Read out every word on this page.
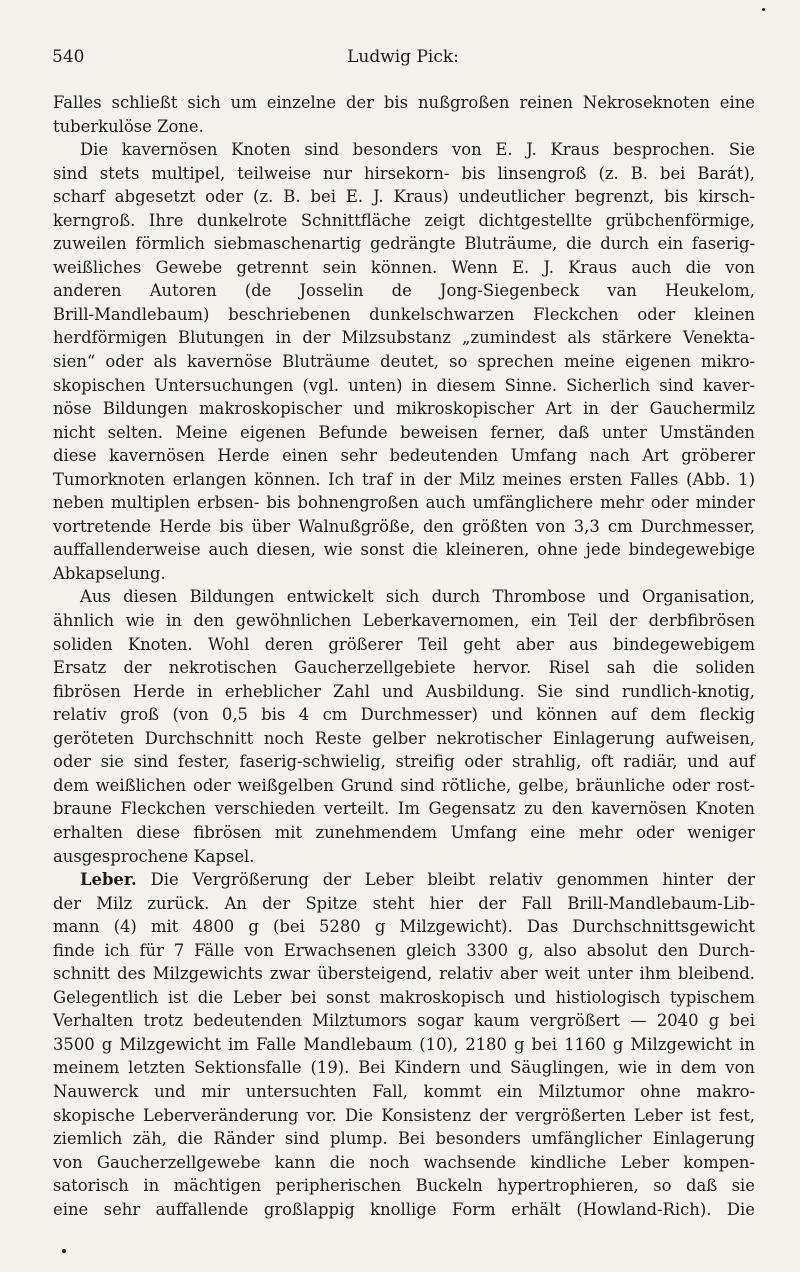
540	Ludwig Pick:
Falles schließt sich um einzelne der bis nußgroßen reinen Nekroseknoten eine
tuberkulöse Zone.
Die kavernösen Knoten sind besonders von E. J. Kraus besprochen. Sie
sind stets multipel, teilweise nur hirsekorn- bis linsengroß (z. B. bei Barát),
scharf abgesetzt oder (z. B. bei E. J. Kraus) undeutlicher begrenzt, bis kirsch-
kerngroß. Ihre dunkelrote Schnittfläche zeigt dichtgestellte grübchenförmige,
zuweilen förmlich siebmaschenartig gedrängte Bluträume, die durch ein faserig-
weißliches Gewebe getrennt sein können. Wenn E. J. Kraus auch die von
anderen Autoren (de Josselin de Jong-Siegenbeck van Heukelom,
Brill-Mandlebaum) beschriebenen dunkelschwarzen Fleckchen oder kleinen
herdförmigen Blutungen in der Milzsubstanz „zumindest als stärkere Venekta-
sien“ oder als kavernöse Bluträume deutet, so sprechen meine eigenen mikro-
skopischen Untersuchungen (vgl. unten) in diesem Sinne. Sicherlich sind kaver-
nöse Bildungen makroskopischer und mikroskopischer Art in der Gauchermilz
nicht selten. Meine eigenen Befunde beweisen ferner, daß unter Umständen
diese kavernösen Herde einen sehr bedeutenden Umfang nach Art gröberer
Tumorknoten erlangen können. Ich traf in der Milz meines ersten Falles (Abb. 1)
neben multiplen erbsen- bis bohnengroßen auch umfänglichere mehr oder minder
vortretende Herde bis über Walnußgröße, den größten von 3,3 cm Durchmesser,
auffallenderweise auch diesen, wie sonst die kleineren, ohne jede bindegewebige
Abkapselung.
Aus diesen Bildungen entwickelt sich durch Thrombose und Organisation,
ähnlich wie in den gewöhnlichen Leberkavernomen, ein Teil der derbfibrösen
soliden Knoten. Wohl deren größerer Teil geht aber aus bindegewebigem
Ersatz der nekrotischen Gaucherzellgebiete hervor. Risel sah die soliden
fibrösen Herde in erheblicher Zahl und Ausbildung. Sie sind rundlich-knotig,
relativ groß (von 0,5 bis 4 cm Durchmesser) und können auf dem fleckig
geröteten Durchschnitt noch Reste gelber nekrotischer Einlagerung aufweisen,
oder sie sind fester, faserig-schwielig, streifig oder strahlig, oft radiär, und auf
dem weißlichen oder weißgelben Grund sind rötliche, gelbe, bräunliche oder rost-
braune Fleckchen verschieden verteilt. Im Gegensatz zu den kavernösen Knoten
erhalten diese fibrösen mit zunehmendem Umfang eine mehr oder weniger
ausgesprochene Kapsel.
Leber. Die Vergrößerung der Leber bleibt relativ genommen hinter der
der Milz zurück. An der Spitze steht hier der Fall Brill-Mandlebaum-Lib-
mann (4) mit 4800 g (bei 5280 g Milzgewicht). Das Durchschnittsgewicht
finde ich für 7 Fälle von Erwachsenen gleich 3300 g, also absolut den Durch-
schnitt des Milzgewichts zwar übersteigend, relativ aber weit unter ihm bleibend.
Gelegentlich ist die Leber bei sonst makroskopisch und histiologisch typischem
Verhalten trotz bedeutenden Milztumors sogar kaum vergrößert — 2040 g bei
3500 g Milzgewicht im Falle Mandlebaum (10), 2180 g bei 1160 g Milzgewicht in
meinem letzten Sektionsfalle (19). Bei Kindern und Säuglingen, wie in dem von
Nauwerck und mir untersuchten Fall, kommt ein Milztumor ohne makro-
skopische Leberveränderung vor. Die Konsistenz der vergrößerten Leber ist fest,
ziemlich zäh, die Ränder sind plump. Bei besonders umfänglicher Einlagerung
von Gaucherzellgewebe kann die noch wachsende kindliche Leber kompen-
satorisch in mächtigen peripherischen Buckeln hypertrophieren, so daß sie
eine sehr auffallende großlappig knollige Form erhält (Howland-Rich). Die
